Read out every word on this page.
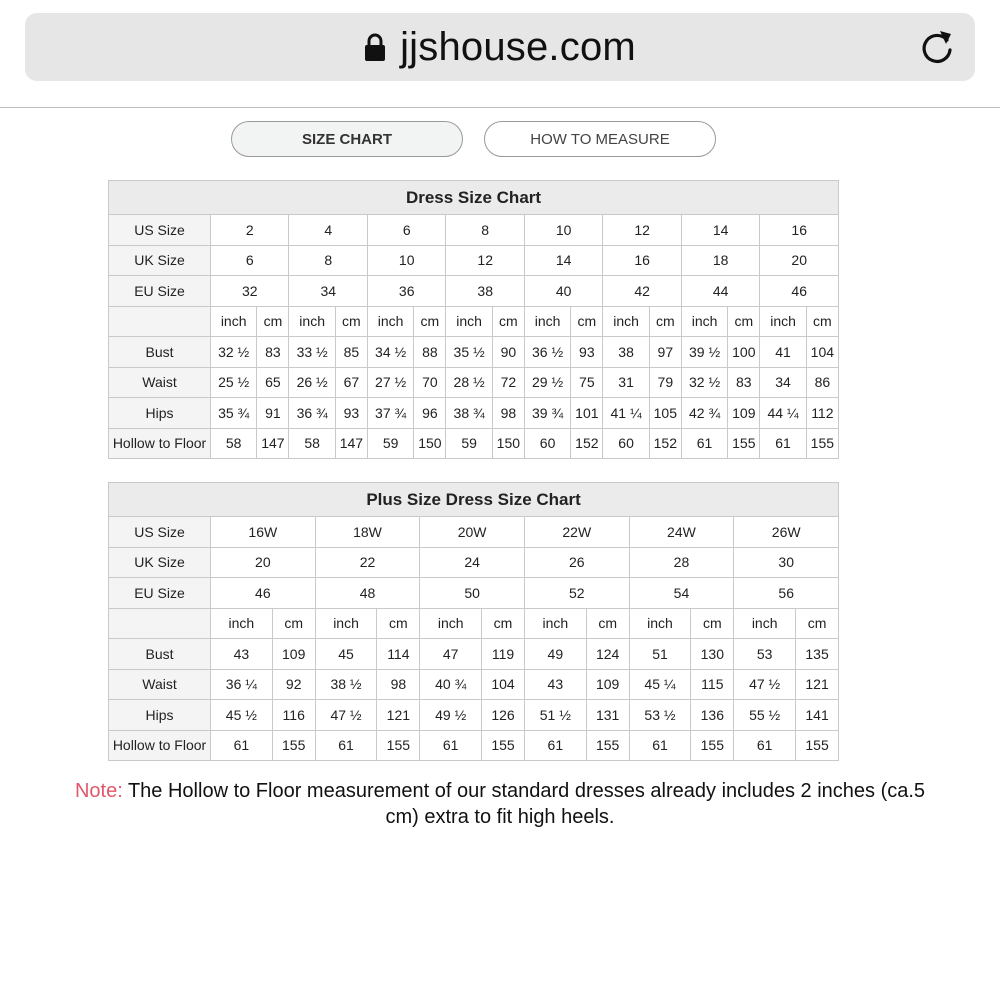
jjshouse.com
SIZE CHART	HOW TO MEASURE
Dress Size Chart																
US Size	2		4		6		8		10		12		14		16	
UK Size	6		8		10		12		14		16		18		20	
EU Size	32		34		36		38		40		42		44		46	
	inch	cm	inch	cm	inch	cm	inch	cm	inch	cm	inch	cm	inch	cm	inch	cm
Bust	32 ½	83	33 ½	85	34 ½	88	35 ½	90	36 ½	93	38	97	39 ½	100	41	104
Waist	25 ½	65	26 ½	67	27 ½	70	28 ½	72	29 ½	75	31	79	32 ½	83	34	86
Hips	35 ¾	91	36 ¾	93	37 ¾	96	38 ¾	98	39 ¾	101	41 ¼	105	42 ¾	109	44 ¼	112
Hollow to Floor	58	147	58	147	59	150	59	150	60	152	60	152	61	155	61	155
Plus Size Dress Size Chart												
US Size	16W		18W		20W		22W		24W		26W	
UK Size	20		22		24		26		28		30	
EU Size	46		48		50		52		54		56	
	inch	cm	inch	cm	inch	cm	inch	cm	inch	cm	inch	cm
Bust	43	109	45	114	47	119	49	124	51	130	53	135
Waist	36 ¼	92	38 ½	98	40 ¾	104	43	109	45 ¼	115	47 ½	121
Hips	45 ½	116	47 ½	121	49 ½	126	51 ½	131	53 ½	136	55 ½	141
Hollow to Floor	61	155	61	155	61	155	61	155	61	155	61	155
Note: The Hollow to Floor measurement of our standard dresses already includes 2 inches (ca.5 cm) extra to fit high heels.
